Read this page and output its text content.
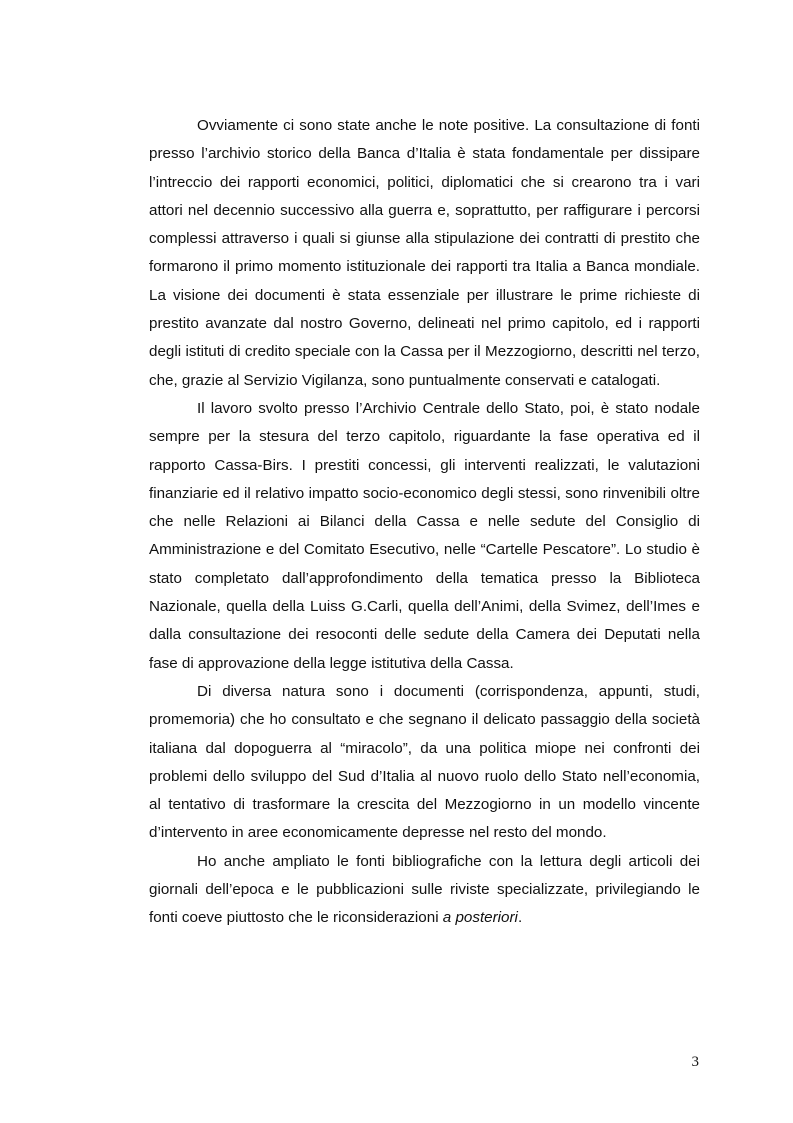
Ovviamente ci sono state anche le note positive. La consultazione di fonti presso l’archivio storico della Banca d’Italia è stata fondamentale per dissipare l’intreccio dei rapporti economici, politici, diplomatici che si crearono tra i vari attori nel decennio successivo alla guerra e, soprattutto, per raffigurare i percorsi complessi attraverso i quali si giunse alla stipulazione dei contratti di prestito che formarono il primo momento istituzionale dei rapporti tra Italia a Banca mondiale. La visione dei documenti è stata essenziale per illustrare le prime richieste di prestito avanzate dal nostro Governo, delineati nel primo capitolo, ed i rapporti degli istituti di credito speciale con la Cassa per il Mezzogiorno, descritti nel terzo, che, grazie al Servizio Vigilanza, sono puntualmente conservati e catalogati.

Il lavoro svolto presso l’Archivio Centrale dello Stato, poi, è stato nodale sempre per la stesura del terzo capitolo, riguardante la fase operativa ed il rapporto Cassa-Birs. I prestiti concessi, gli interventi realizzati, le valutazioni finanziarie ed il relativo impatto socio-economico degli stessi, sono rinvenibili oltre che nelle Relazioni ai Bilanci della Cassa e nelle sedute del Consiglio di Amministrazione e del Comitato Esecutivo, nelle “Cartelle Pescatore”. Lo studio è stato completato dall’approfondimento della tematica presso la Biblioteca Nazionale, quella della Luiss G.Carli, quella dell’Animi, della Svimez, dell’Imes e dalla consultazione dei resoconti delle sedute della Camera dei Deputati nella fase di approvazione della legge istitutiva della Cassa.

Di diversa natura sono i documenti (corrispondenza, appunti, studi, promemoria) che ho consultato e che segnano il delicato passaggio della società italiana dal dopoguerra al “miracolo”, da una politica miope nei confronti dei problemi dello sviluppo del Sud d’Italia al nuovo ruolo dello Stato nell’economia, al tentativo di trasformare la crescita del Mezzogiorno in un modello vincente d’intervento in aree economicamente depresse nel resto del mondo.

Ho anche ampliato le fonti bibliografiche con la lettura degli articoli dei giornali dell’epoca e le pubblicazioni sulle riviste specializzate, privilegiando le fonti coeve piuttosto che le riconsiderazioni a posteriori.

3
